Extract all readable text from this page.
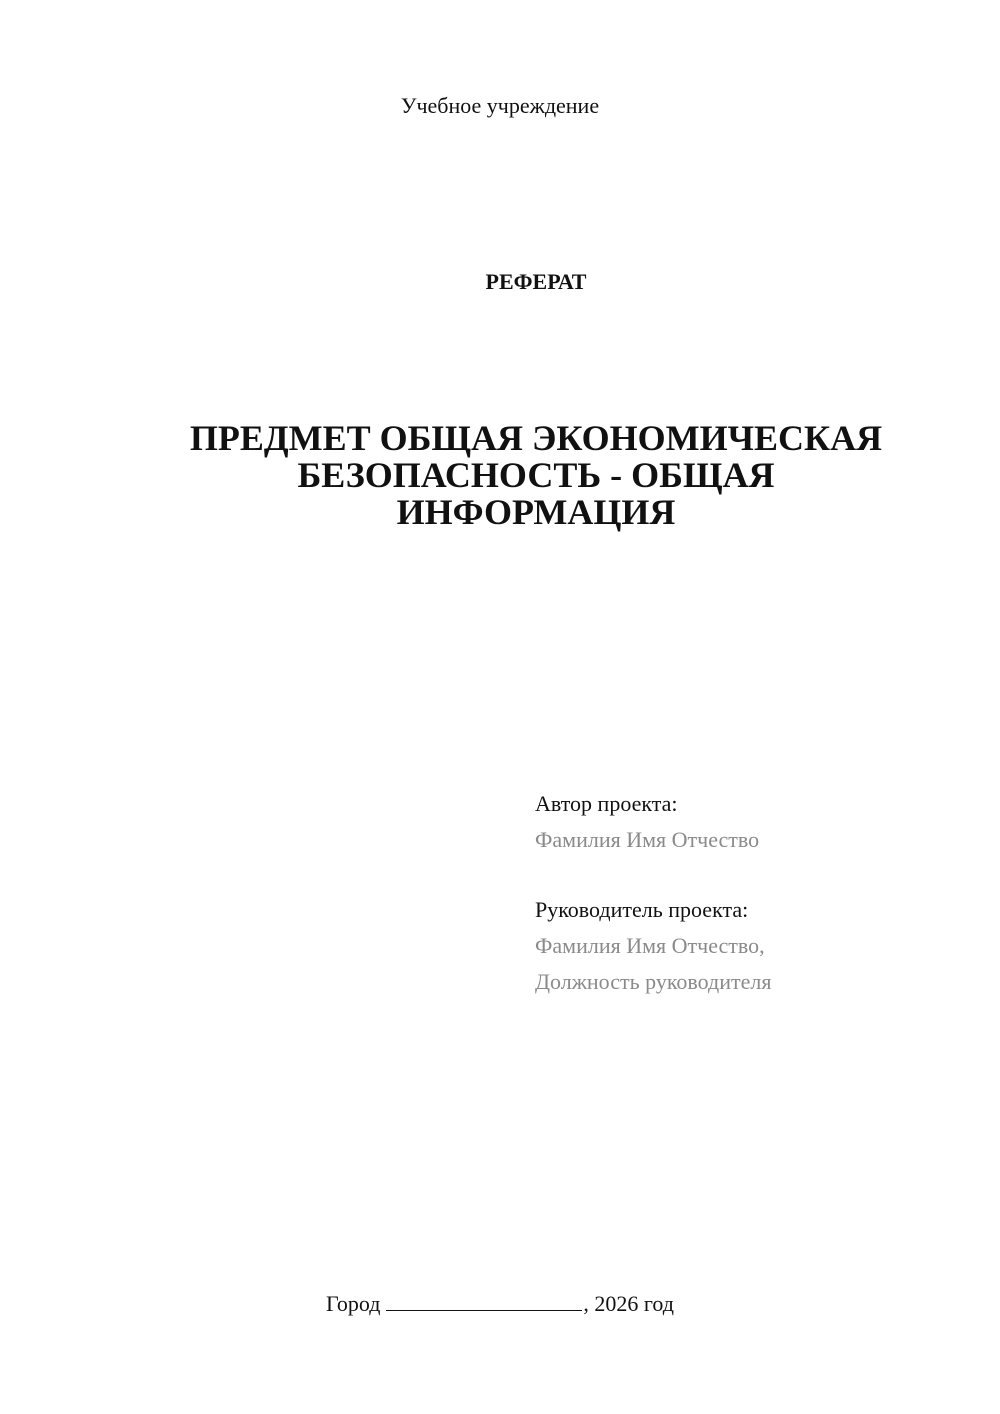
Учебное учреждение
РЕФЕРАТ
ПРЕДМЕТ ОБЩАЯ ЭКОНОМИЧЕСКАЯ
БЕЗОПАСНОСТЬ - ОБЩАЯ
ИНФОРМАЦИЯ
Автор проекта:
Фамилия Имя Отчество
Руководитель проекта:
Фамилия Имя Отчество,
Должность руководителя
Город	, 2026 год
